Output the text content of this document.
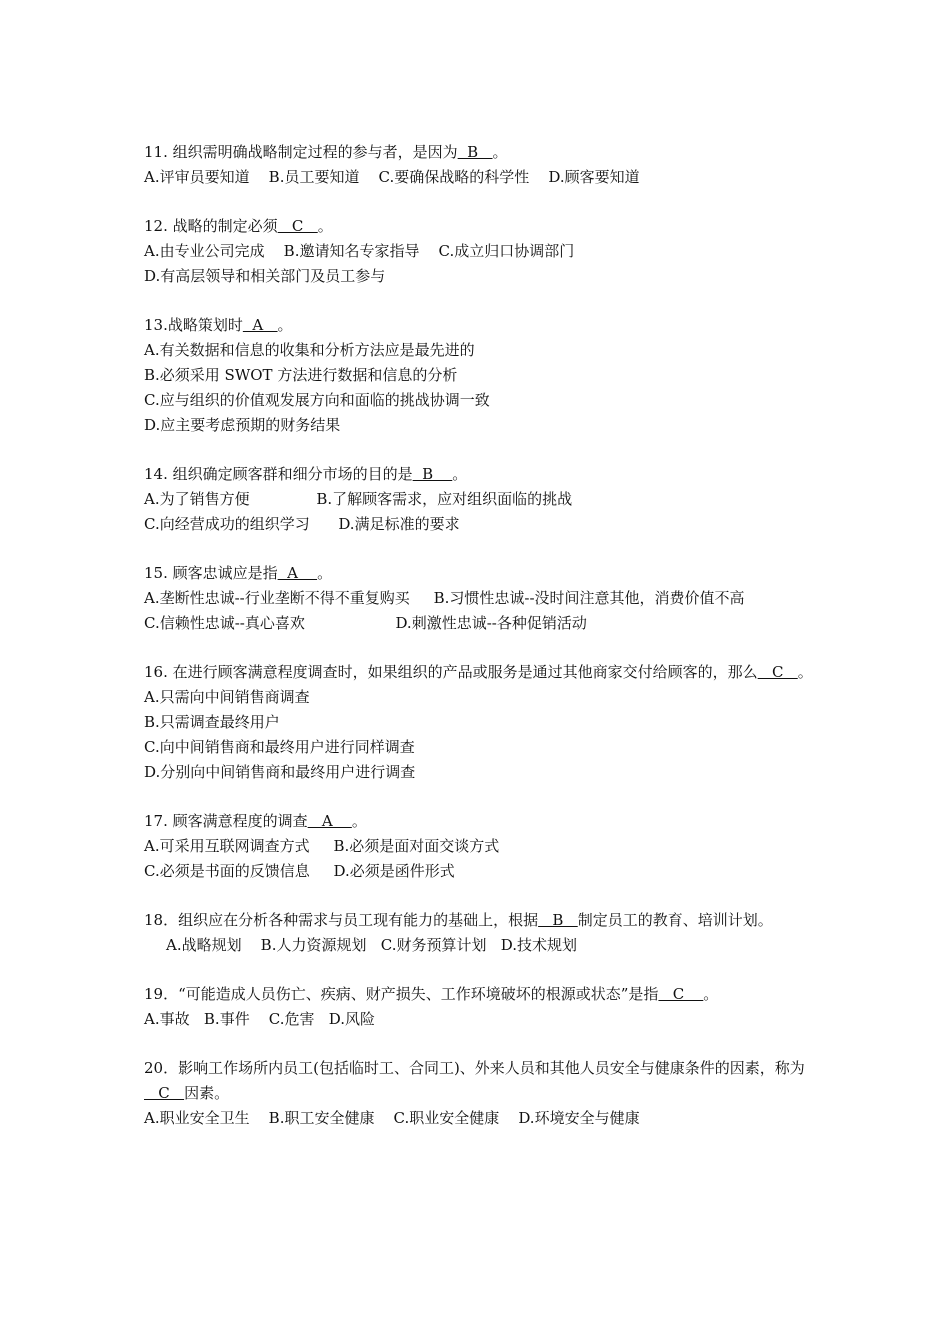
11. 组织需明确战略制定过程的参与者，是因为  B   。
A.评审员要知道    B.员工要知道    C.要确保战略的科学性    D.顾客要知道
12. 战略的制定必须   C   。
A.由专业公司完成    B.邀请知名专家指导    C.成立归口协调部门
D.有高层领导和相关部门及员工参与
13.战略策划时  A   。
A.有关数据和信息的收集和分析方法应是最先进的
B.必须采用 SWOT 方法进行数据和信息的分析
C.应与组织的价值观发展方向和面临的挑战协调一致
D.应主要考虑预期的财务结果
14. 组织确定顾客群和细分市场的目的是  B    。
A.为了销售方便              B.了解顾客需求，应对组织面临的挑战
C.向经营成功的组织学习      D.满足标准的要求
15. 顾客忠诚应是指  A    。
A.垄断性忠诚--行业垄断不得不重复购买     B.习惯性忠诚--没时间注意其他，消费价值不高
C.信赖性忠诚--真心喜欢                   D.刺激性忠诚--各种促销活动
16. 在进行顾客满意程度调查时，如果组织的产品或服务是通过其他商家交付给顾客的，那么   C   。
A.只需向中间销售商调查
B.只需调查最终用户
C.向中间销售商和最终用户进行同样调查
D.分别向中间销售商和最终用户进行调查
17. 顾客满意程度的调查   A    。
A.可采用互联网调查方式     B.必须是面对面交谈方式
C.必须是书面的反馈信息     D.必须是函件形式
18．组织应在分析各种需求与员工现有能力的基础上，根据   B   制定员工的教育、培训计划。
A.战略规划    B.人力资源规划   C.财务预算计划   D.技术规划
19．“可能造成人员伤亡、疾病、财产损失、工作环境破坏的根源或状态”是指   C    。
A.事故   B.事件    C.危害   D.风险
20．影响工作场所内员工(包括临时工、合同工)、外来人员和其他人员安全与健康条件的因素，称为   C   因素。
A.职业安全卫生    B.职工安全健康    C.职业安全健康    D.环境安全与健康
